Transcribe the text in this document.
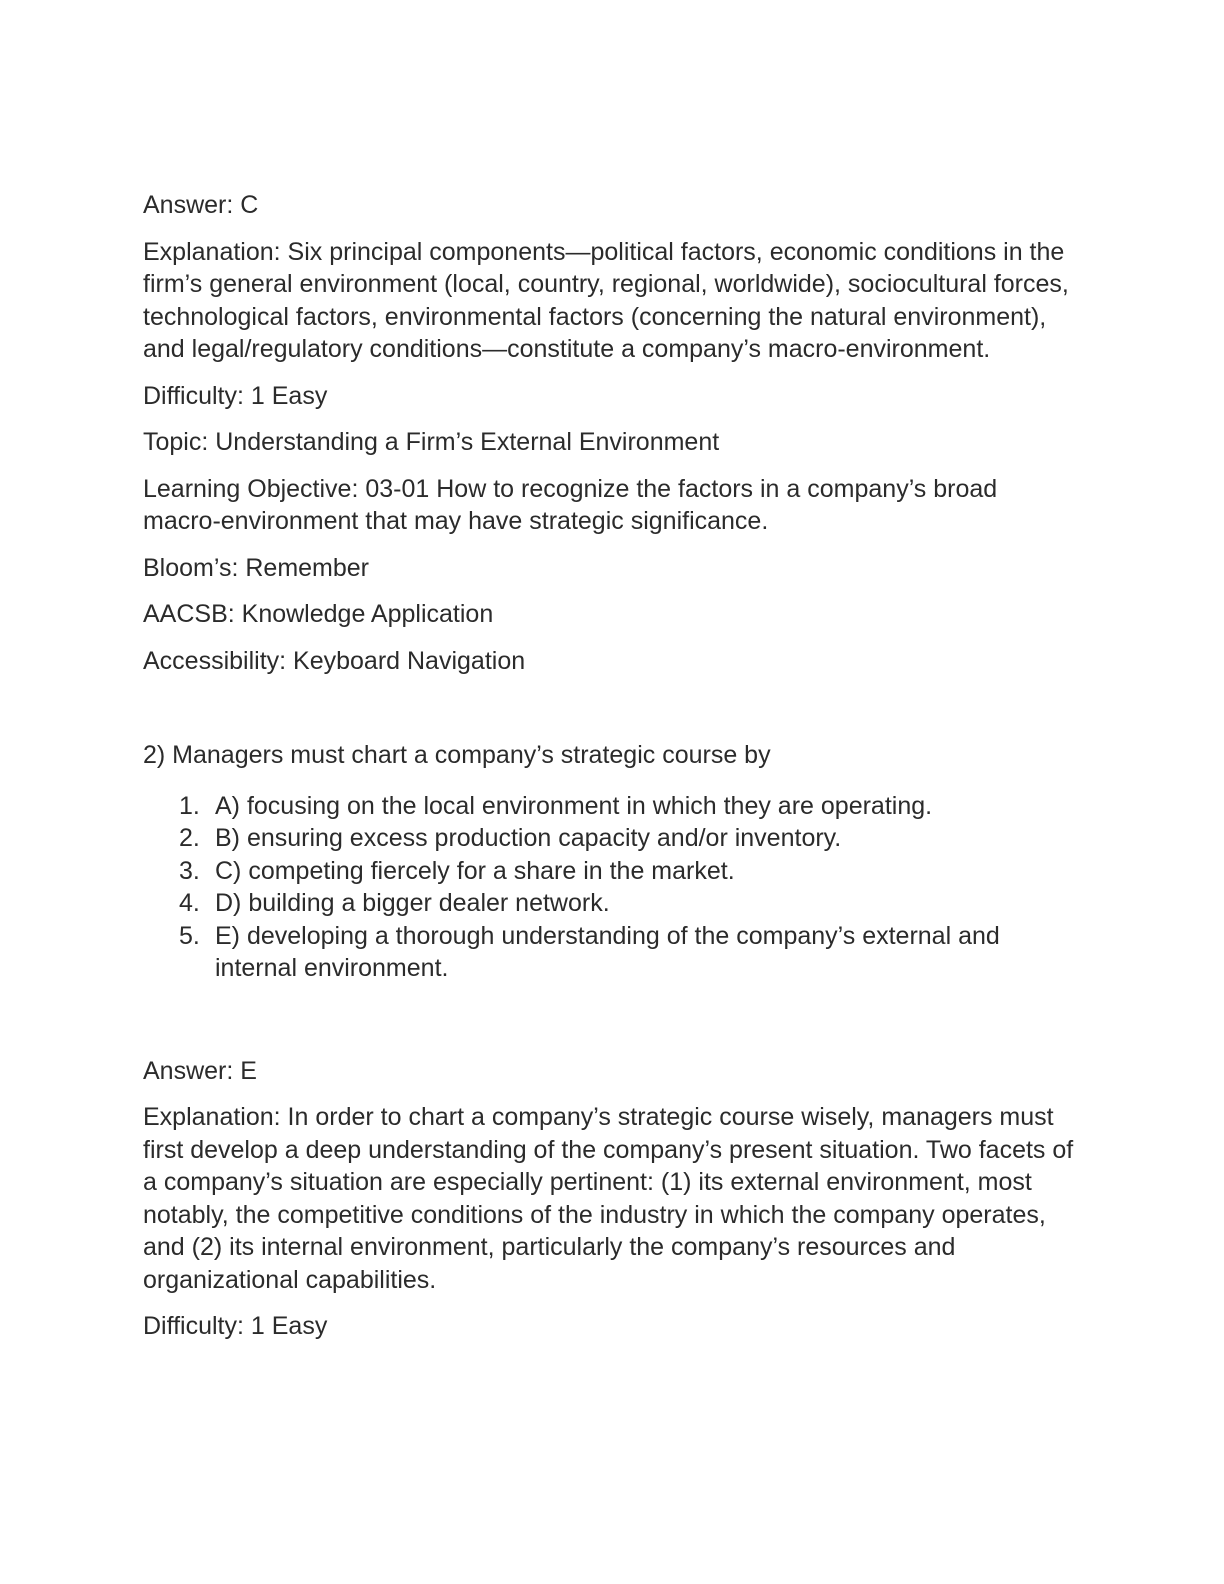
Answer: C

Explanation: Six principal components—political factors, economic conditions in the firm’s general environment (local, country, regional, worldwide), sociocultural forces, technological factors, environmental factors (concerning the natural environment), and legal/regulatory conditions—constitute a company’s macro-environment.

Difficulty: 1 Easy

Topic: Understanding a Firm’s External Environment

Learning Objective: 03-01 How to recognize the factors in a company’s broad macro-environment that may have strategic significance.

Bloom’s: Remember

AACSB: Knowledge Application

Accessibility: Keyboard Navigation

2) Managers must chart a company’s strategic course by

1. A) focusing on the local environment in which they are operating.
2. B) ensuring excess production capacity and/or inventory.
3. C) competing fiercely for a share in the market.
4. D) building a bigger dealer network.
5. E) developing a thorough understanding of the company’s external and internal environment.

Answer: E

Explanation: In order to chart a company’s strategic course wisely, managers must first develop a deep understanding of the company’s present situation. Two facets of a company’s situation are especially pertinent: (1) its external environment, most notably, the competitive conditions of the industry in which the company operates, and (2) its internal environment, particularly the company’s resources and organizational capabilities.

Difficulty: 1 Easy
